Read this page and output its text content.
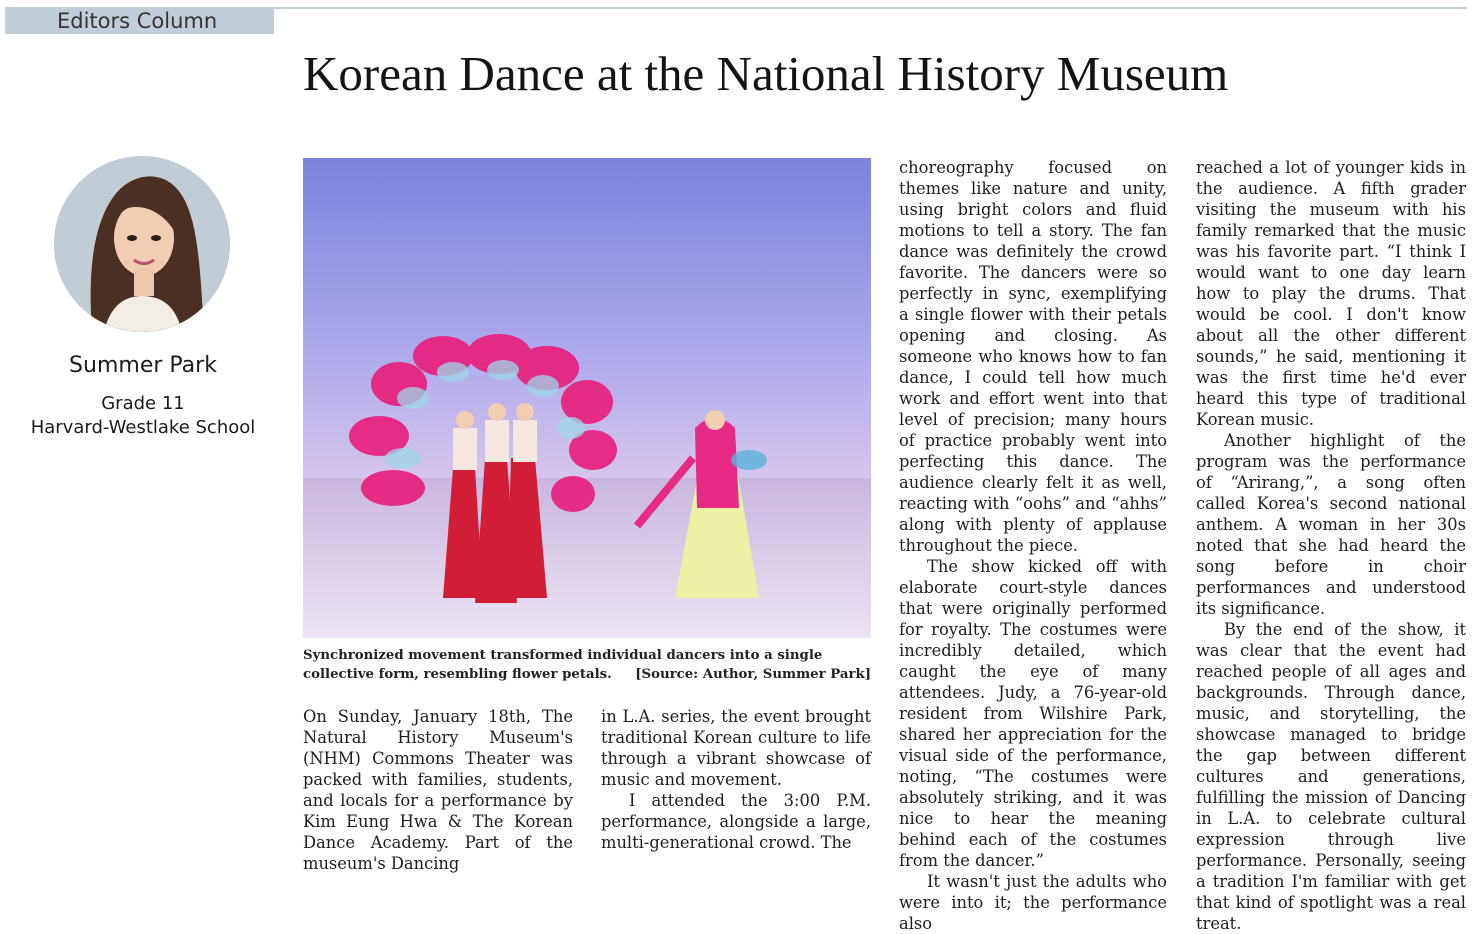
Editors Column
Korean Dance at the National History Museum
Summer Park
Grade 11
Harvard-Westlake School
Synchronized movement transformed individual dancers into a single collective form, resembling flower petals. [Source: Author, Summer Park]

On Sunday, January 18th, The Natural History Museum's (NHM) Commons Theater was packed with families, students, and locals for a performance by Kim Eung Hwa & The Korean Dance Academy. Part of the museum's Dancing

in L.A. series, the event brought traditional Korean culture to life through a vibrant showcase of music and movement.

I attended the 3:00 P.M. performance, alongside a large, multi-generational crowd. The

choreography focused on themes like nature and unity, using bright colors and fluid motions to tell a story. The fan dance was definitely the crowd favorite. The dancers were so perfectly in sync, exemplifying a single flower with their petals opening and closing. As someone who knows how to fan dance, I could tell how much work and effort went into that level of precision; many hours of practice probably went into perfecting this dance. The audience clearly felt it as well, reacting with “oohs” and “ahhs” along with plenty of applause throughout the piece.

The show kicked off with elaborate court-style dances that were originally performed for royalty. The costumes were incredibly detailed, which caught the eye of many attendees. Judy, a 76-year-old resident from Wilshire Park, shared her appreciation for the visual side of the performance, noting, “The costumes were absolutely striking, and it was nice to hear the meaning behind each of the costumes from the dancer.”

It wasn't just the adults who were into it; the performance also

reached a lot of younger kids in the audience. A fifth grader visiting the museum with his family remarked that the music was his favorite part. “I think I would want to one day learn how to play the drums. That would be cool. I don't know about all the other different sounds,” he said, mentioning it was the first time he'd ever heard this type of traditional Korean music.

Another highlight of the program was the performance of “Arirang,”, a song often called Korea's second national anthem. A woman in her 30s noted that she had heard the song before in choir performances and understood its significance.

By the end of the show, it was clear that the event had reached people of all ages and backgrounds. Through dance, music, and storytelling, the showcase managed to bridge the gap between different cultures and generations, fulfilling the mission of Dancing in L.A. to celebrate cultural expression through live performance. Personally, seeing a tradition I'm familiar with get that kind of spotlight was a real treat.
